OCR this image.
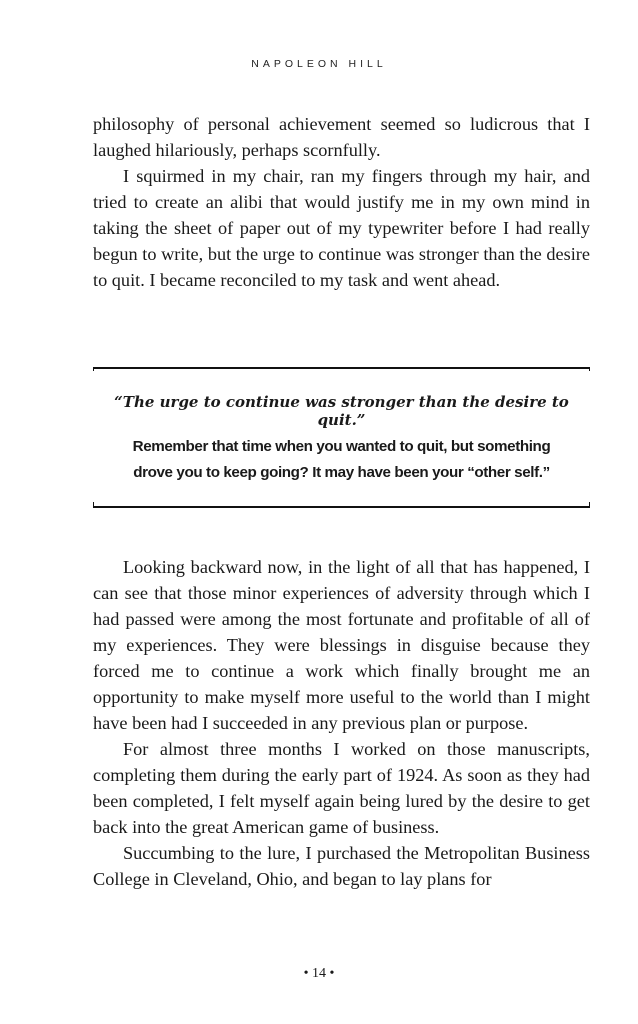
NAPOLEON HILL

philosophy of personal achievement seemed so ludicrous that I laughed hilariously, perhaps scornfully.

I squirmed in my chair, ran my fingers through my hair, and tried to create an alibi that would justify me in my own mind in taking the sheet of paper out of my typewriter before I had really begun to write, but the urge to continue was stronger than the desire to quit. I became reconciled to my task and went ahead.

“The urge to continue was stronger than the desire to quit.”
Remember that time when you wanted to quit, but something
drove you to keep going? It may have been your “other self.”

Looking backward now, in the light of all that has happened, I can see that those minor experiences of adversity through which I had passed were among the most fortunate and profitable of all of my experiences. They were blessings in disguise because they forced me to continue a work which finally brought me an opportunity to make myself more useful to the world than I might have been had I succeeded in any previous plan or purpose.

For almost three months I worked on those manuscripts, completing them during the early part of 1924. As soon as they had been completed, I felt myself again being lured by the desire to get back into the great American game of business.

Succumbing to the lure, I purchased the Metropolitan Business College in Cleveland, Ohio, and began to lay plans for

• 14 •
